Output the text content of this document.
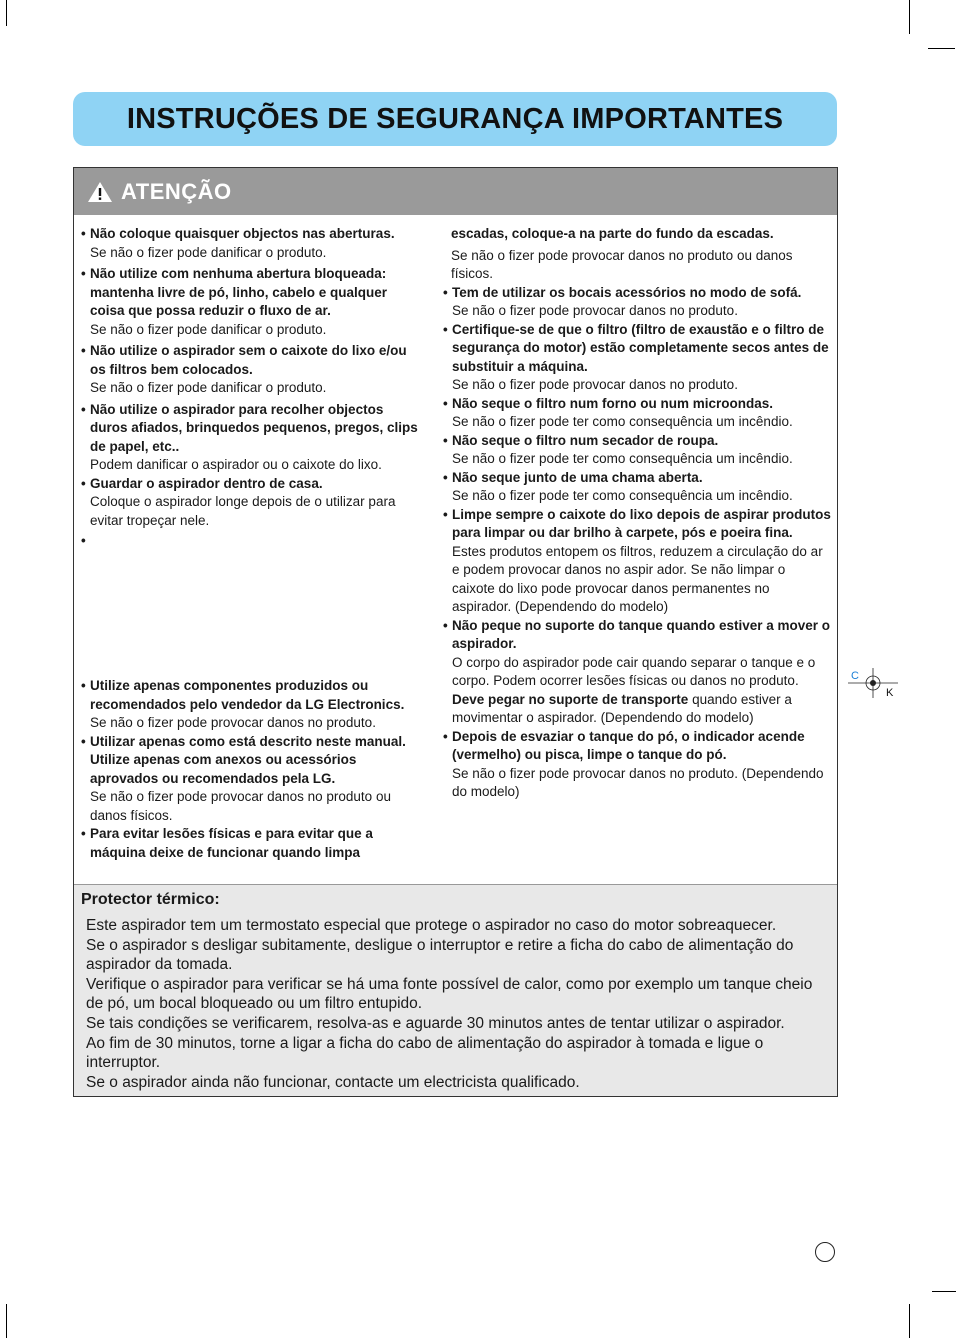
INSTRUÇÕES DE SEGURANÇA IMPORTANTES
ATENÇÃO
• Não coloque quaisquer objectos nas aberturas.
Se não o fizer pode danificar o produto.
• Não utilize com nenhuma abertura bloqueada: mantenha livre de pó, linho, cabelo e qualquer coisa que possa reduzir o fluxo de ar.
Se não o fizer pode danificar o produto.
• Não utilize o aspirador sem o caixote do lixo e/ou os filtros bem colocados.
Se não o fizer pode danificar o produto.
• Não utilize o aspirador para recolher objectos duros afiados, brinquedos pequenos, pregos, clips de papel, etc..
Podem danificar o aspirador ou o caixote do lixo.
• Guardar o aspirador dentro de casa.
Coloque o aspirador longe depois de o utilizar para evitar tropeçar nele.
•
• Utilize apenas componentes produzidos ou recomendados pelo vendedor da LG Electronics.
Se não o fizer pode provocar danos no produto.
• Utilizar apenas como está descrito neste manual. Utilize apenas com anexos ou acessórios aprovados ou recomendados pela LG.
Se não o fizer pode provocar danos no produto ou danos físicos.
• Para evitar lesões físicas e para evitar que a máquina deixe de funcionar quando limpa
escadas, coloque-a na parte do fundo da escadas.
Se não o fizer pode provocar danos no produto ou danos físicos.
• Tem de utilizar os bocais acessórios no modo de sofá.
Se não o fizer pode provocar danos no produto.
• Certifique-se de que o filtro (filtro de exaustão e o filtro de segurança do motor) estão completamente secos antes de substituir a máquina.
Se não o fizer pode provocar danos no produto.
• Não seque o filtro num forno ou num microondas.
Se não o fizer pode ter como consequência um incêndio.
• Não seque o filtro num secador de roupa.
Se não o fizer pode ter como consequência um incêndio.
• Não seque junto de uma chama aberta.
Se não o fizer pode ter como consequência um incêndio.
• Limpe sempre o caixote do lixo depois de aspirar produtos para limpar ou dar brilho à carpete, pós e poeira fina.
Estes produtos entopem os filtros, reduzem a circulação do ar e podem provocar danos no aspir ador. Se não limpar o caixote do lixo pode provocar danos permanentes no aspirador. (Dependendo do modelo)
• Não peque no suporte do tanque quando estiver a mover o aspirador.
O corpo do aspirador pode cair quando separar o tanque e o corpo. Podem ocorrer lesões físicas ou danos no produto. Deve pegar no suporte de transporte quando estiver a movimentar o aspirador. (Dependendo do modelo)
• Depois de esvaziar o tanque do pó, o indicador acende (vermelho) ou pisca, limpe o tanque do pó.
Se não o fizer pode provocar danos no produto. (Dependendo do modelo)
Protector térmico:

Este aspirador tem um termostato especial que protege o aspirador no caso do motor sobreaquecer.

Se o aspirador s desligar subitamente, desligue o interruptor e retire a ficha do cabo de alimentação do aspirador da tomada.

Verifique o aspirador para verificar se há uma fonte possível de calor, como por exemplo um tanque cheio de pó, um bocal bloqueado ou um filtro entupido.

Se tais condições se verificarem, resolva-as e aguarde 30 minutos antes de tentar utilizar o aspirador.

Ao fim de 30 minutos, torne a ligar a ficha do cabo de alimentação do aspirador à tomada e ligue o interruptor.

Se o aspirador ainda não funcionar, contacte um electricista qualificado.

C
K
